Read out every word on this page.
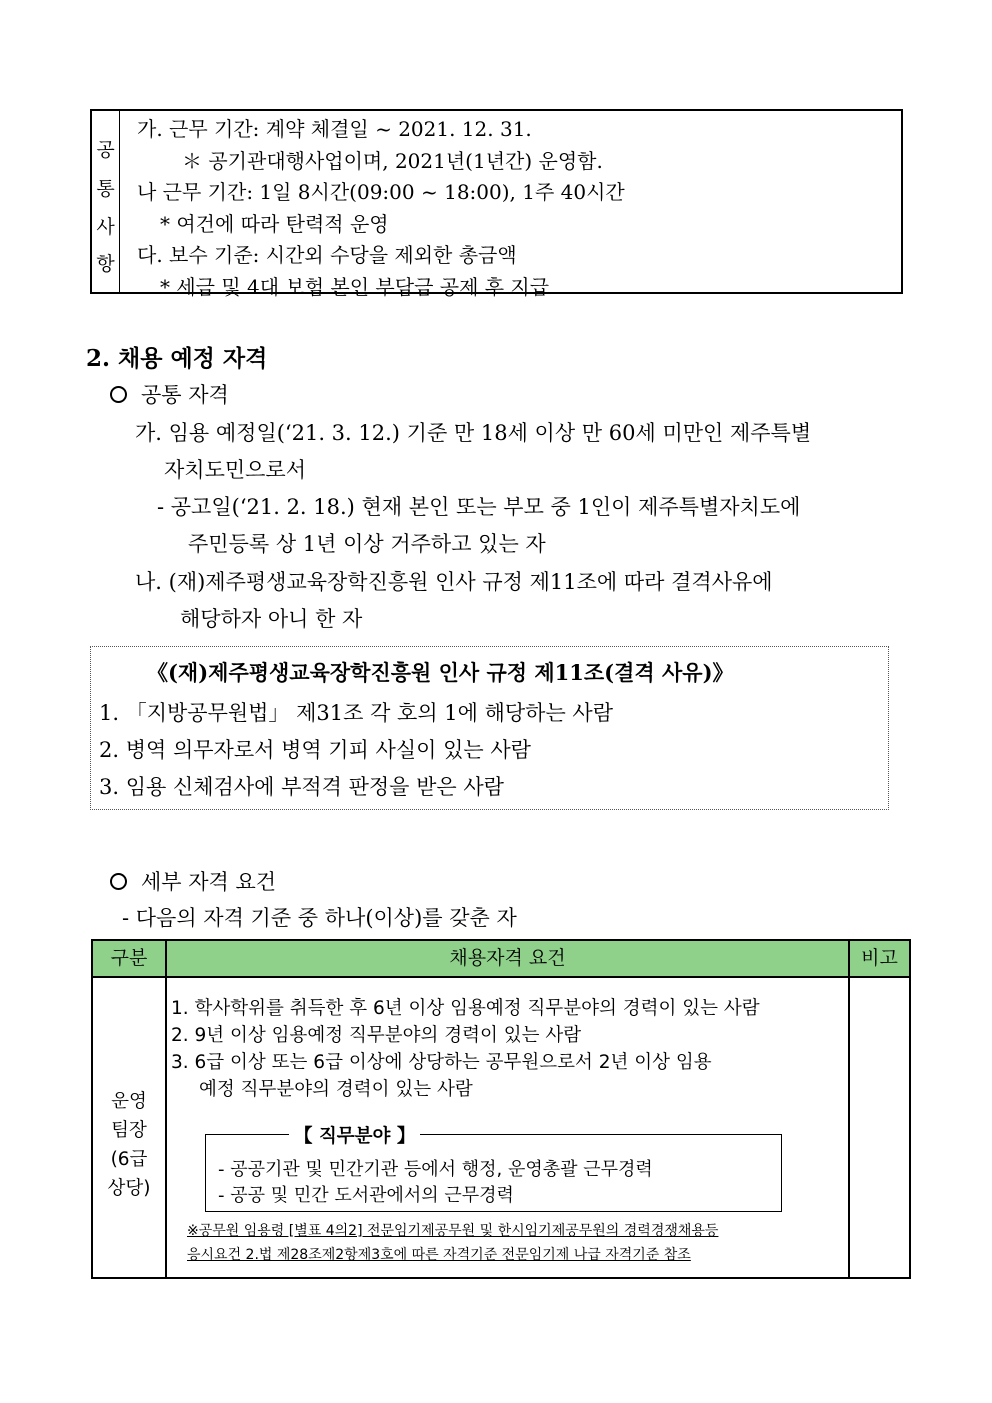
공
통
사
항
가. 근무 기간: 계약 체결일 ~ 2021. 12. 31.
＊ 공기관대행사업이며, 2021년(1년간) 운영함.
나 근무 기간: 1일 8시간(09:00 ~ 18:00), 1주 40시간
* 여건에 따라 탄력적 운영
다. 보수 기준: 시간외 수당을 제외한 총금액
* 세금 및 4대 보험 본인 부담금 공제 후 지급
2. 채용 예정 자격
공통 자격
가. 임용 예정일(‘21. 3. 12.) 기준 만 18세 이상 만 60세 미만인 제주특별
자치도민으로서
- 공고일(‘21. 2. 18.) 현재 본인 또는 부모 중 1인이 제주특별자치도에
주민등록 상 1년 이상 거주하고 있는 자
나. (재)제주평생교육장학진흥원 인사 규정 제11조에 따라 결격사유에
해당하자 아니 한 자
《(재)제주평생교육장학진흥원 인사 규정 제11조(결격 사유)》
1. 「지방공무원법」 제31조 각 호의 1에 해당하는 사람
2. 병역 의무자로서 병역 기피 사실이 있는 사람
3. 임용 신체검사에 부적격 판정을 받은 사람
세부 자격 요건
- 다음의 자격 기준 중 하나(이상)를 갖춘 자
구분	채용자격 요건	비고
운영
팀장
(6급
상당)
1. 학사학위를 취득한 후 6년 이상 임용예정 직무분야의 경력이 있는 사람
2. 9년 이상 임용예정 직무분야의 경력이 있는 사람
3. 6급 이상 또는 6급 이상에 상당하는 공무원으로서 2년 이상 임용
예정 직무분야의 경력이 있는 사람
【 직무분야 】
- 공공기관 및 민간기관 등에서 행정, 운영총괄 근무경력
- 공공 및 민간 도서관에서의 근무경력
※공무원 임용령 [별표 4의2] 전문임기제공무원 및 한시임기제공무원의 경력경쟁채용등
응시요건 2.법 제28조제2항제3호에 따른 자격기준 전문임기제 나급 자격기준 참조
